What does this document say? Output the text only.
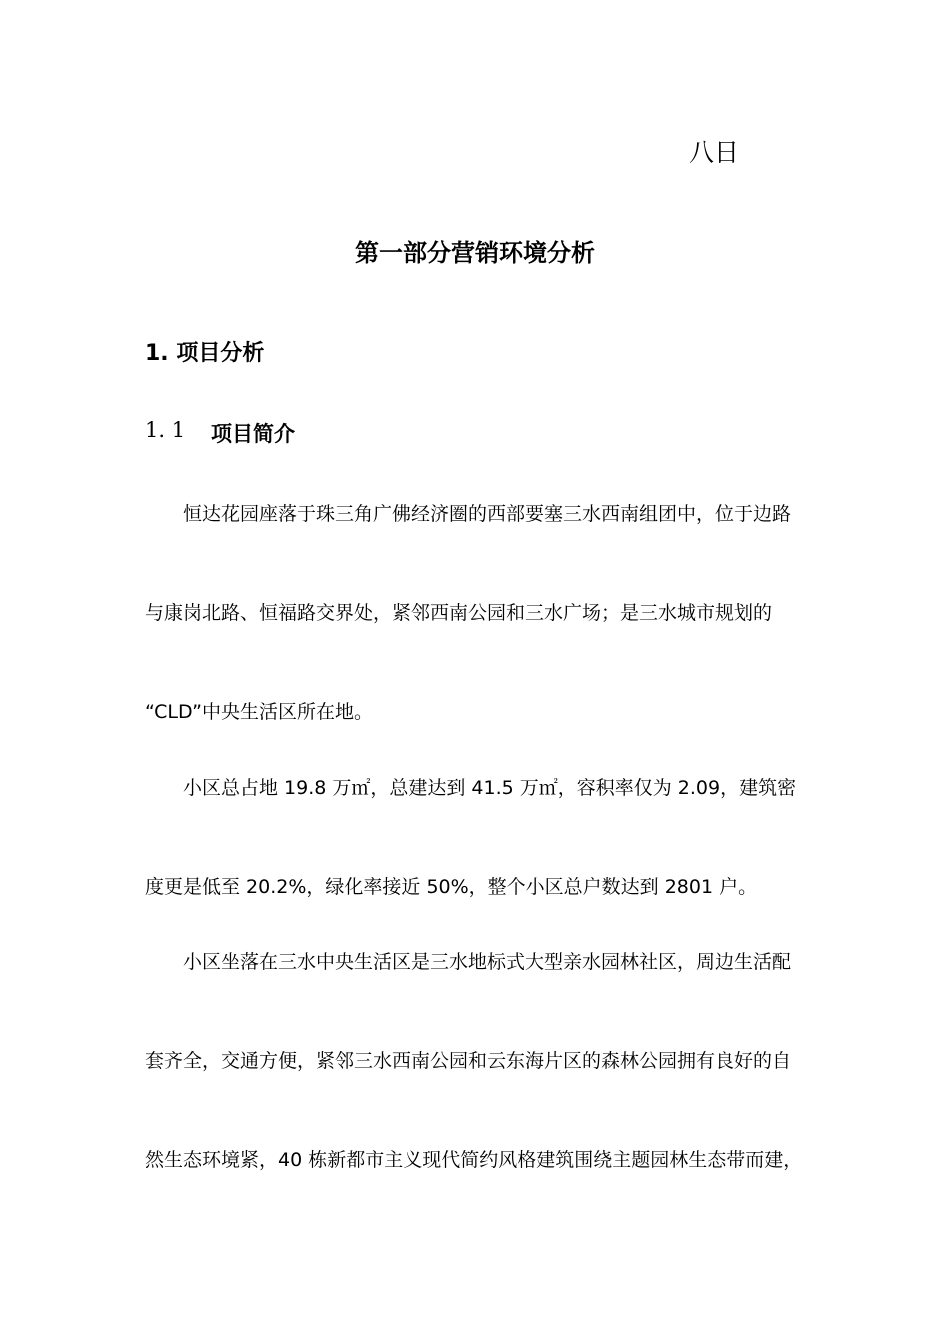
八日
第一部分营销环境分析
1. 项目分析
1. 1 项目简介
恒达花园座落于珠三角广佛经济圈的西部要塞三水西南组团中，位于边路
与康岗北路、恒福路交界处，紧邻西南公园和三水广场；是三水城市规划的
“CLD”中央生活区所在地。
小区总占地 19.8 万㎡，总建达到 41.5 万㎡，容积率仅为 2.09，建筑密
度更是低至 20.2%，绿化率接近 50%，整个小区总户数达到 2801 户。
小区坐落在三水中央生活区是三水地标式大型亲水园林社区，周边生活配
套齐全，交通方便，紧邻三水西南公园和云东海片区的森林公园拥有良好的自
然生态环境紧，40 栋新都市主义现代简约风格建筑围绕主题园林生态带而建，
